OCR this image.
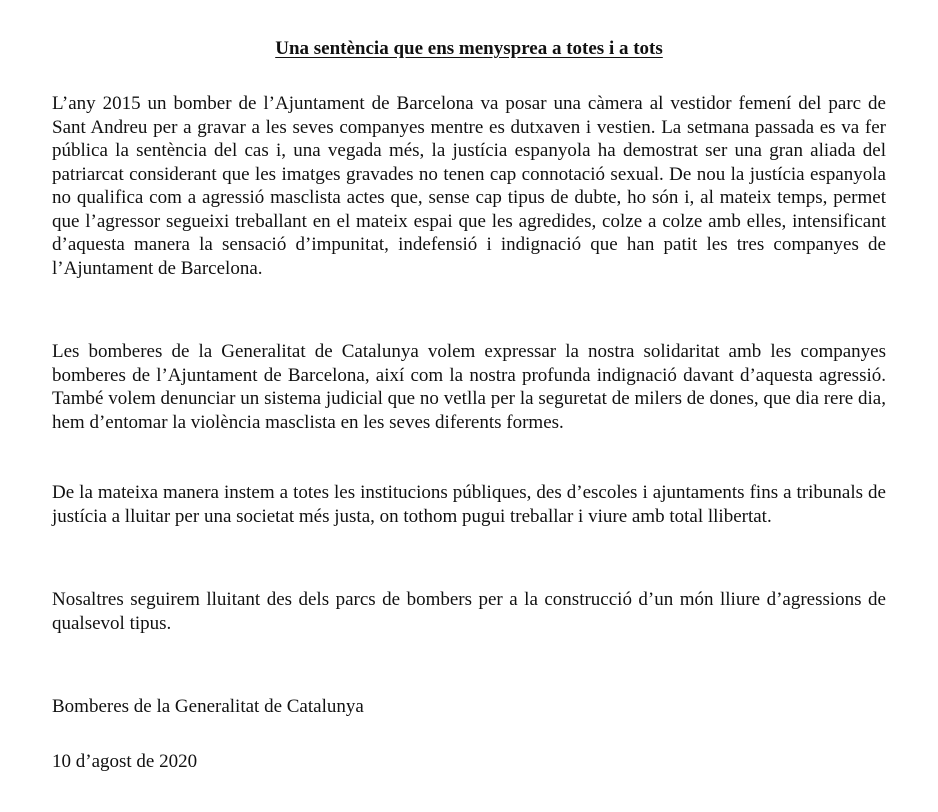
Una sentència que ens menysprea a totes i a tots

L’any 2015 un bomber de l’Ajuntament de Barcelona va posar una càmera al vestidor femení del parc de Sant Andreu per a gravar a les seves companyes mentre es dutxaven i vestien. La setmana passada es va fer pública la sentència del cas i, una vegada més, la justícia espanyola ha demostrat ser una gran aliada del patriarcat considerant que les imatges gravades no tenen cap connotació sexual. De nou la justícia espanyola no qualifica com a agressió masclista actes que, sense cap tipus de dubte, ho són i, al mateix temps, permet que l’agressor segueixi treballant en el mateix espai que les agredides, colze a colze amb elles, intensificant d’aquesta manera la sensació d’impunitat, indefensió i indignació que han patit les tres companyes de l’Ajuntament de Barcelona.

Les bomberes de la Generalitat de Catalunya volem expressar la nostra solidaritat amb les companyes bomberes de l’Ajuntament de Barcelona, així com la nostra profunda indignació davant d’aquesta agressió. També volem denunciar un sistema judicial que no vetlla per la seguretat de milers de dones, que dia rere dia, hem d’entomar la violència masclista en les seves diferents formes.

De la mateixa manera instem a totes les institucions públiques, des d’escoles i ajuntaments fins a tribunals de justícia a lluitar per una societat més justa, on tothom pugui treballar i viure amb total llibertat.

Nosaltres seguirem lluitant des dels parcs de bombers per a la construcció d’un món lliure d’agressions de qualsevol tipus.

Bomberes de la Generalitat de Catalunya

10 d’agost de 2020
